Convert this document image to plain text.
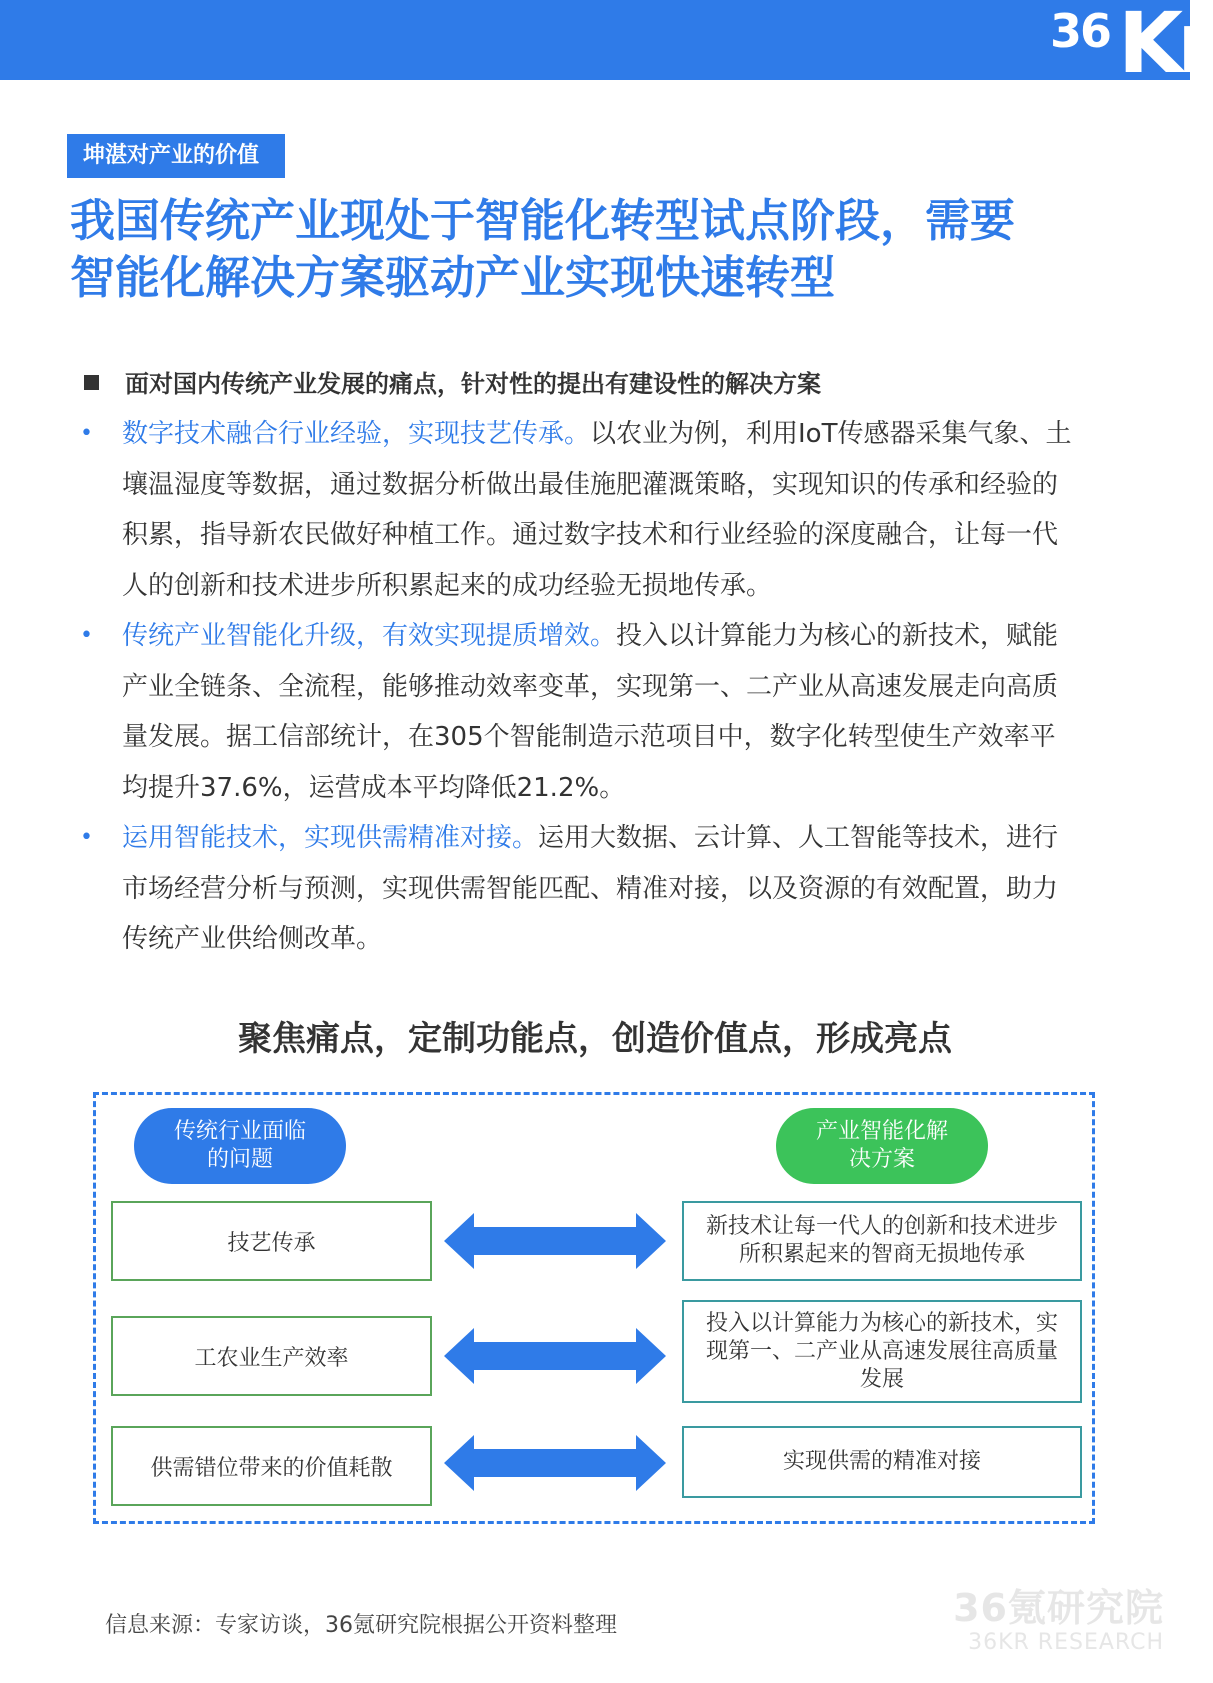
36 Kr
坤湛对产业的价值
我国传统产业现处于智能化转型试点阶段，需要
智能化解决方案驱动产业实现快速转型
面对国内传统产业发展的痛点，针对性的提出有建设性的解决方案
• 数字技术融合行业经验，实现技艺传承。以农业为例，利用IoT传感器采集气象、土壤温湿度等数据，通过数据分析做出最佳施肥灌溉策略，实现知识的传承和经验的积累，指导新农民做好种植工作。通过数字技术和行业经验的深度融合，让每一代人的创新和技术进步所积累起来的成功经验无损地传承。
• 传统产业智能化升级，有效实现提质增效。投入以计算能力为核心的新技术，赋能产业全链条、全流程，能够推动效率变革，实现第一、二产业从高速发展走向高质量发展。据工信部统计，在305个智能制造示范项目中，数字化转型使生产效率平均提升37.6%，运营成本平均降低21.2%。
• 运用智能技术，实现供需精准对接。运用大数据、云计算、人工智能等技术，进行市场经营分析与预测，实现供需智能匹配、精准对接，以及资源的有效配置，助力传统产业供给侧改革。
聚焦痛点，定制功能点，创造价值点，形成亮点
传统行业面临的问题
产业智能化解决方案
技艺传承
新技术让每一代人的创新和技术进步所积累起来的智商无损地传承
工农业生产效率
投入以计算能力为核心的新技术，实现第一、二产业从高速发展往高质量发展
供需错位带来的价值耗散	实现供需的精准对接
信息来源：专家访谈，36氪研究院根据公开资料整理	36氪研究院
36KR RESEARCH
